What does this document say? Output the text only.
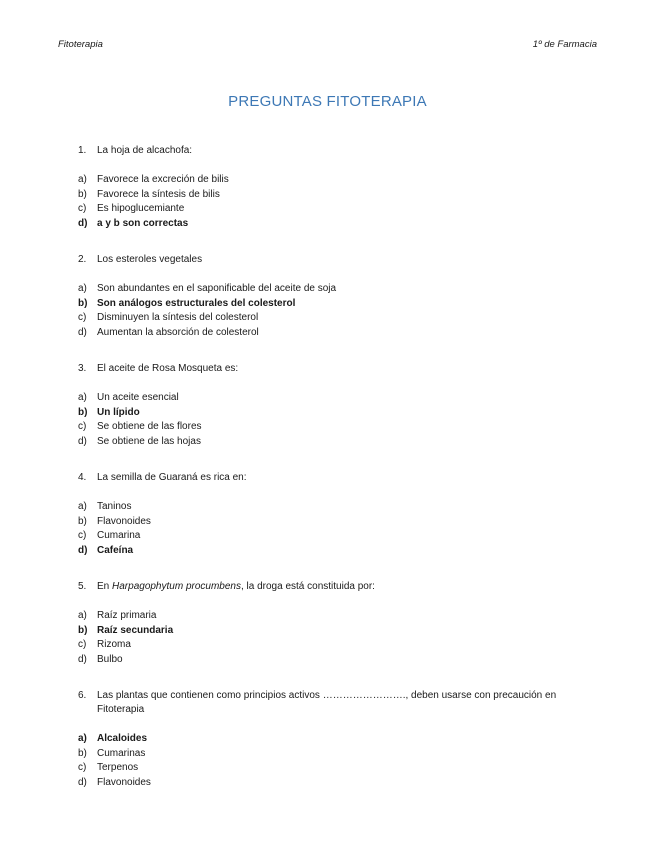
Fitoterapia	1º de Farmacia
PREGUNTAS FITOTERAPIA
1.	La hoja de alcachofa:
a)	Favorece la excreción de bilis
b)	Favorece la síntesis de bilis
c)	Es hipoglucemiante
d) a y b son correctas
2.	Los esteroles vegetales
a)	Son abundantes en el saponificable del aceite de soja
b) Son análogos estructurales del colesterol
c)	Disminuyen la síntesis del colesterol
d)	Aumentan la absorción de colesterol
3.	El aceite de Rosa Mosqueta es:
a)	Un aceite esencial
b) Un lípido
c)	Se obtiene de las flores
d)	Se obtiene de las hojas
4.	La semilla de Guaraná es rica en:
a)	Taninos
b)	Flavonoides
c)	Cumarina
d) Cafeína
5.	En Harpagophytum procumbens, la droga está constituida por:
a)	Raíz primaria
b) Raíz secundaria
c)	Rizoma
d)	Bulbo
6.	Las plantas que contienen como principios activos ……………………., deben usarse con precaución en Fitoterapia
a)	Alcaloides
b)	Cumarinas
c)	Terpenos
d)	Flavonoides
